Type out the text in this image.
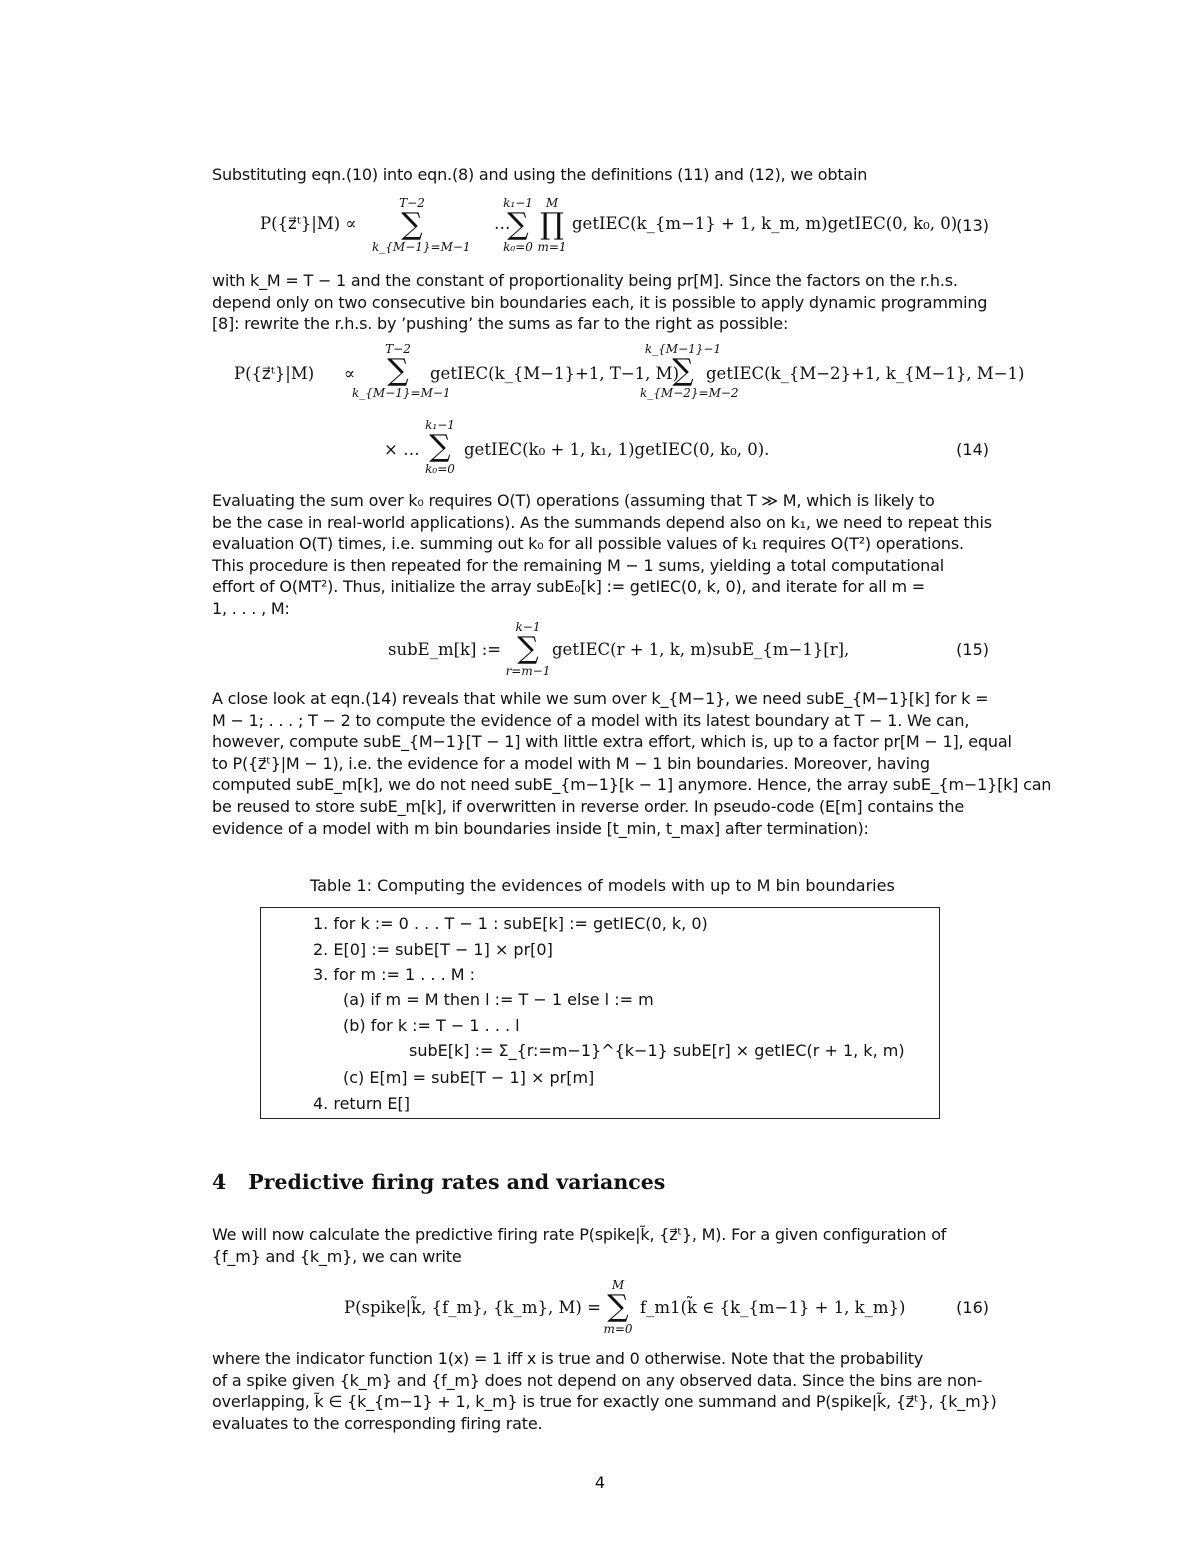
Substituting eqn.(10) into eqn.(8) and using the definitions (11) and (12), we obtain
P({z⃗ᵗ}|M) ∝
T−2
∑
k_{M−1}=M−1
…
k₁−1
∑
k₀=0
M
∏
m=1
getIEC(k_{m−1} + 1, k_m, m)getIEC(0, k₀, 0)
(13)
with k_M = T − 1 and the constant of proportionality being pr[M]. Since the factors on the r.h.s.
depend only on two consecutive bin boundaries each, it is possible to apply dynamic programming
[8]: rewrite the r.h.s. by ’pushing’ the sums as far to the right as possible:
P({z⃗ᵗ}|M) ∝
T−2
∑
k_{M−1}=M−1
getIEC(k_{M−1}+1, T−1, M)
k_{M−1}−1
∑
k_{M−2}=M−2
getIEC(k_{M−2}+1, k_{M−1}, M−1)
× …
k₁−1
∑
k₀=0
getIEC(k₀ + 1, k₁, 1)getIEC(0, k₀, 0).	(14)
Evaluating the sum over k₀ requires O(T) operations (assuming that T ≫ M, which is likely to
be the case in real-world applications). As the summands depend also on k₁, we need to repeat this
evaluation O(T) times, i.e. summing out k₀ for all possible values of k₁ requires O(T²) operations.
This procedure is then repeated for the remaining M − 1 sums, yielding a total computational
effort of O(MT²). Thus, initialize the array subE₀[k] := getIEC(0, k, 0), and iterate for all m =
1, . . . , M:
subE_m[k] :=
k−1
∑
r=m−1
getIEC(r + 1, k, m)subE_{m−1}[r],	(15)
A close look at eqn.(14) reveals that while we sum over k_{M−1}, we need subE_{M−1}[k] for k =
M − 1; . . . ; T − 2 to compute the evidence of a model with its latest boundary at T − 1. We can,
however, compute subE_{M−1}[T − 1] with little extra effort, which is, up to a factor pr[M − 1], equal
to P({z⃗ᵗ}|M − 1), i.e. the evidence for a model with M − 1 bin boundaries. Moreover, having
computed subE_m[k], we do not need subE_{m−1}[k − 1] anymore. Hence, the array subE_{m−1}[k] can
be reused to store subE_m[k], if overwritten in reverse order. In pseudo-code (E[m] contains the
evidence of a model with m bin boundaries inside [t_min, t_max] after termination):
Table 1: Computing the evidences of models with up to M bin boundaries
1. for k := 0 . . . T − 1 : subE[k] := getIEC(0, k, 0)
2. E[0] := subE[T − 1] × pr[0]
3. for m := 1 . . . M :
(a) if m = M then l := T − 1 else l := m
(b) for k := T − 1 . . . l
subE[k] := Σ_{r:=m−1}^{k−1} subE[r] × getIEC(r + 1, k, m)
(c) E[m] = subE[T − 1] × pr[m]
4. return E[]
4 Predictive firing rates and variances
We will now calculate the predictive firing rate P(spike|k̃, {z⃗ᵗ}, M). For a given configuration of
{f_m} and {k_m}, we can write
P(spike|k̃, {f_m}, {k_m}, M) =
M
∑
m=0
f_m1(k̃ ∈ {k_{m−1} + 1, k_m})	(16)
where the indicator function 1(x) = 1 iff x is true and 0 otherwise. Note that the probability
of a spike given {k_m} and {f_m} does not depend on any observed data. Since the bins are non-
overlapping, k̃ ∈ {k_{m−1} + 1, k_m} is true for exactly one summand and P(spike|k̃, {z⃗ᵗ}, {k_m})
evaluates to the corresponding firing rate.
4
